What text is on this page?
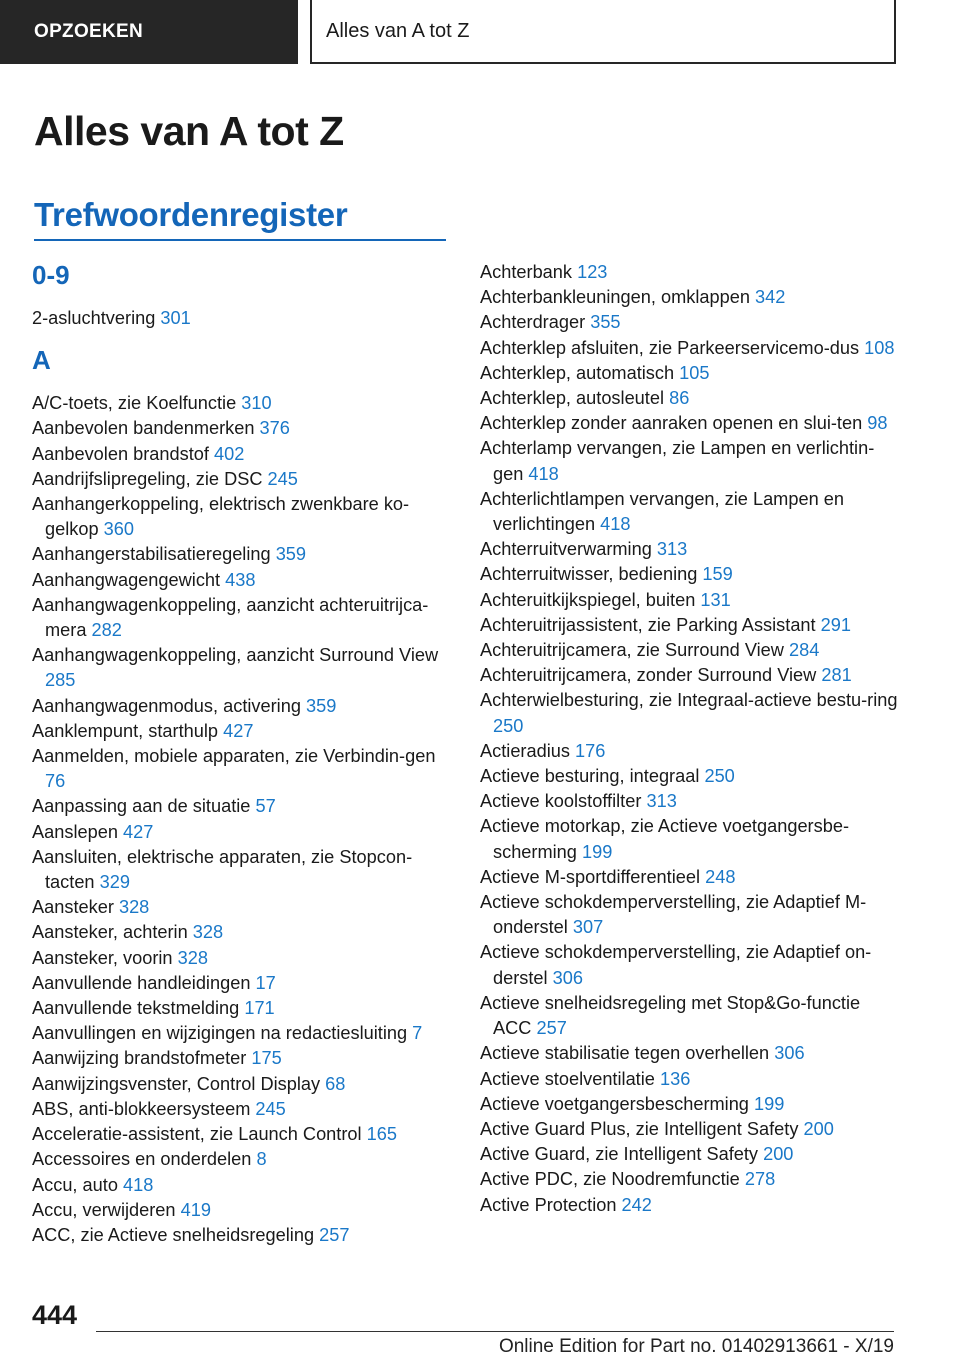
OPZOEKEN	Alles van A tot Z
Alles van A tot Z
Trefwoordenregister
0-9
2-asluchtvering 301
A
A/C-toets, zie Koelfunctie 310
Aanbevolen bandenmerken 376
Aanbevolen brandstof 402
Aandrijfslipregeling, zie DSC 245
Aanhangerkoppeling, elektrisch zwenkbare ko-gelkop 360
Aanhangerstabilisatieregeling 359
Aanhangwagengewicht 438
Aanhangwagenkoppeling, aanzicht achteruitrijca-mera 282
Aanhangwagenkoppeling, aanzicht Surround View 285
Aanhangwagenmodus, activering 359
Aanklempunt, starthulp 427
Aanmelden, mobiele apparaten, zie Verbindin-gen 76
Aanpassing aan de situatie 57
Aanslepen 427
Aansluiten, elektrische apparaten, zie Stopcon-tacten 329
Aansteker 328
Aansteker, achterin 328
Aansteker, voorin 328
Aanvullende handleidingen 17
Aanvullende tekstmelding 171
Aanvullingen en wijzigingen na redactiesluiting 7
Aanwijzing brandstofmeter 175
Aanwijzingsvenster, Control Display 68
ABS, anti-blokkeersysteem 245
Acceleratie-assistent, zie Launch Control 165
Accessoires en onderdelen 8
Accu, auto 418
Accu, verwijderen 419
ACC, zie Actieve snelheidsregeling 257
Achterbank 123
Achterbankleuningen, omklappen 342
Achterdrager 355
Achterklep afsluiten, zie Parkeerservicemo-dus 108
Achterklep, automatisch 105
Achterklep, autosleutel 86
Achterklep zonder aanraken openen en slui-ten 98
Achterlamp vervangen, zie Lampen en verlichtin-gen 418
Achterlichtlampen vervangen, zie Lampen en verlichtingen 418
Achterruitverwarming 313
Achterruitwisser, bediening 159
Achteruitkijkspiegel, buiten 131
Achteruitrijassistent, zie Parking Assistant 291
Achteruitrijcamera, zie Surround View 284
Achteruitrijcamera, zonder Surround View 281
Achterwielbesturing, zie Integraal-actieve bestu-ring 250
Actieradius 176
Actieve besturing, integraal 250
Actieve koolstoffilter 313
Actieve motorkap, zie Actieve voetgangersbe-scherming 199
Actieve M-sportdifferentieel 248
Actieve schokdemperverstelling, zie Adaptief M-onderstel 307
Actieve schokdemperverstelling, zie Adaptief on-derstel 306
Actieve snelheidsregeling met Stop&Go-functie ACC 257
Actieve stabilisatie tegen overhellen 306
Actieve stoelventilatie 136
Actieve voetgangersbescherming 199
Active Guard Plus, zie Intelligent Safety 200
Active Guard, zie Intelligent Safety 200
Active PDC, zie Noodremfunctie 278
Active Protection 242
444
Online Edition for Part no. 01402913661 - X/19
